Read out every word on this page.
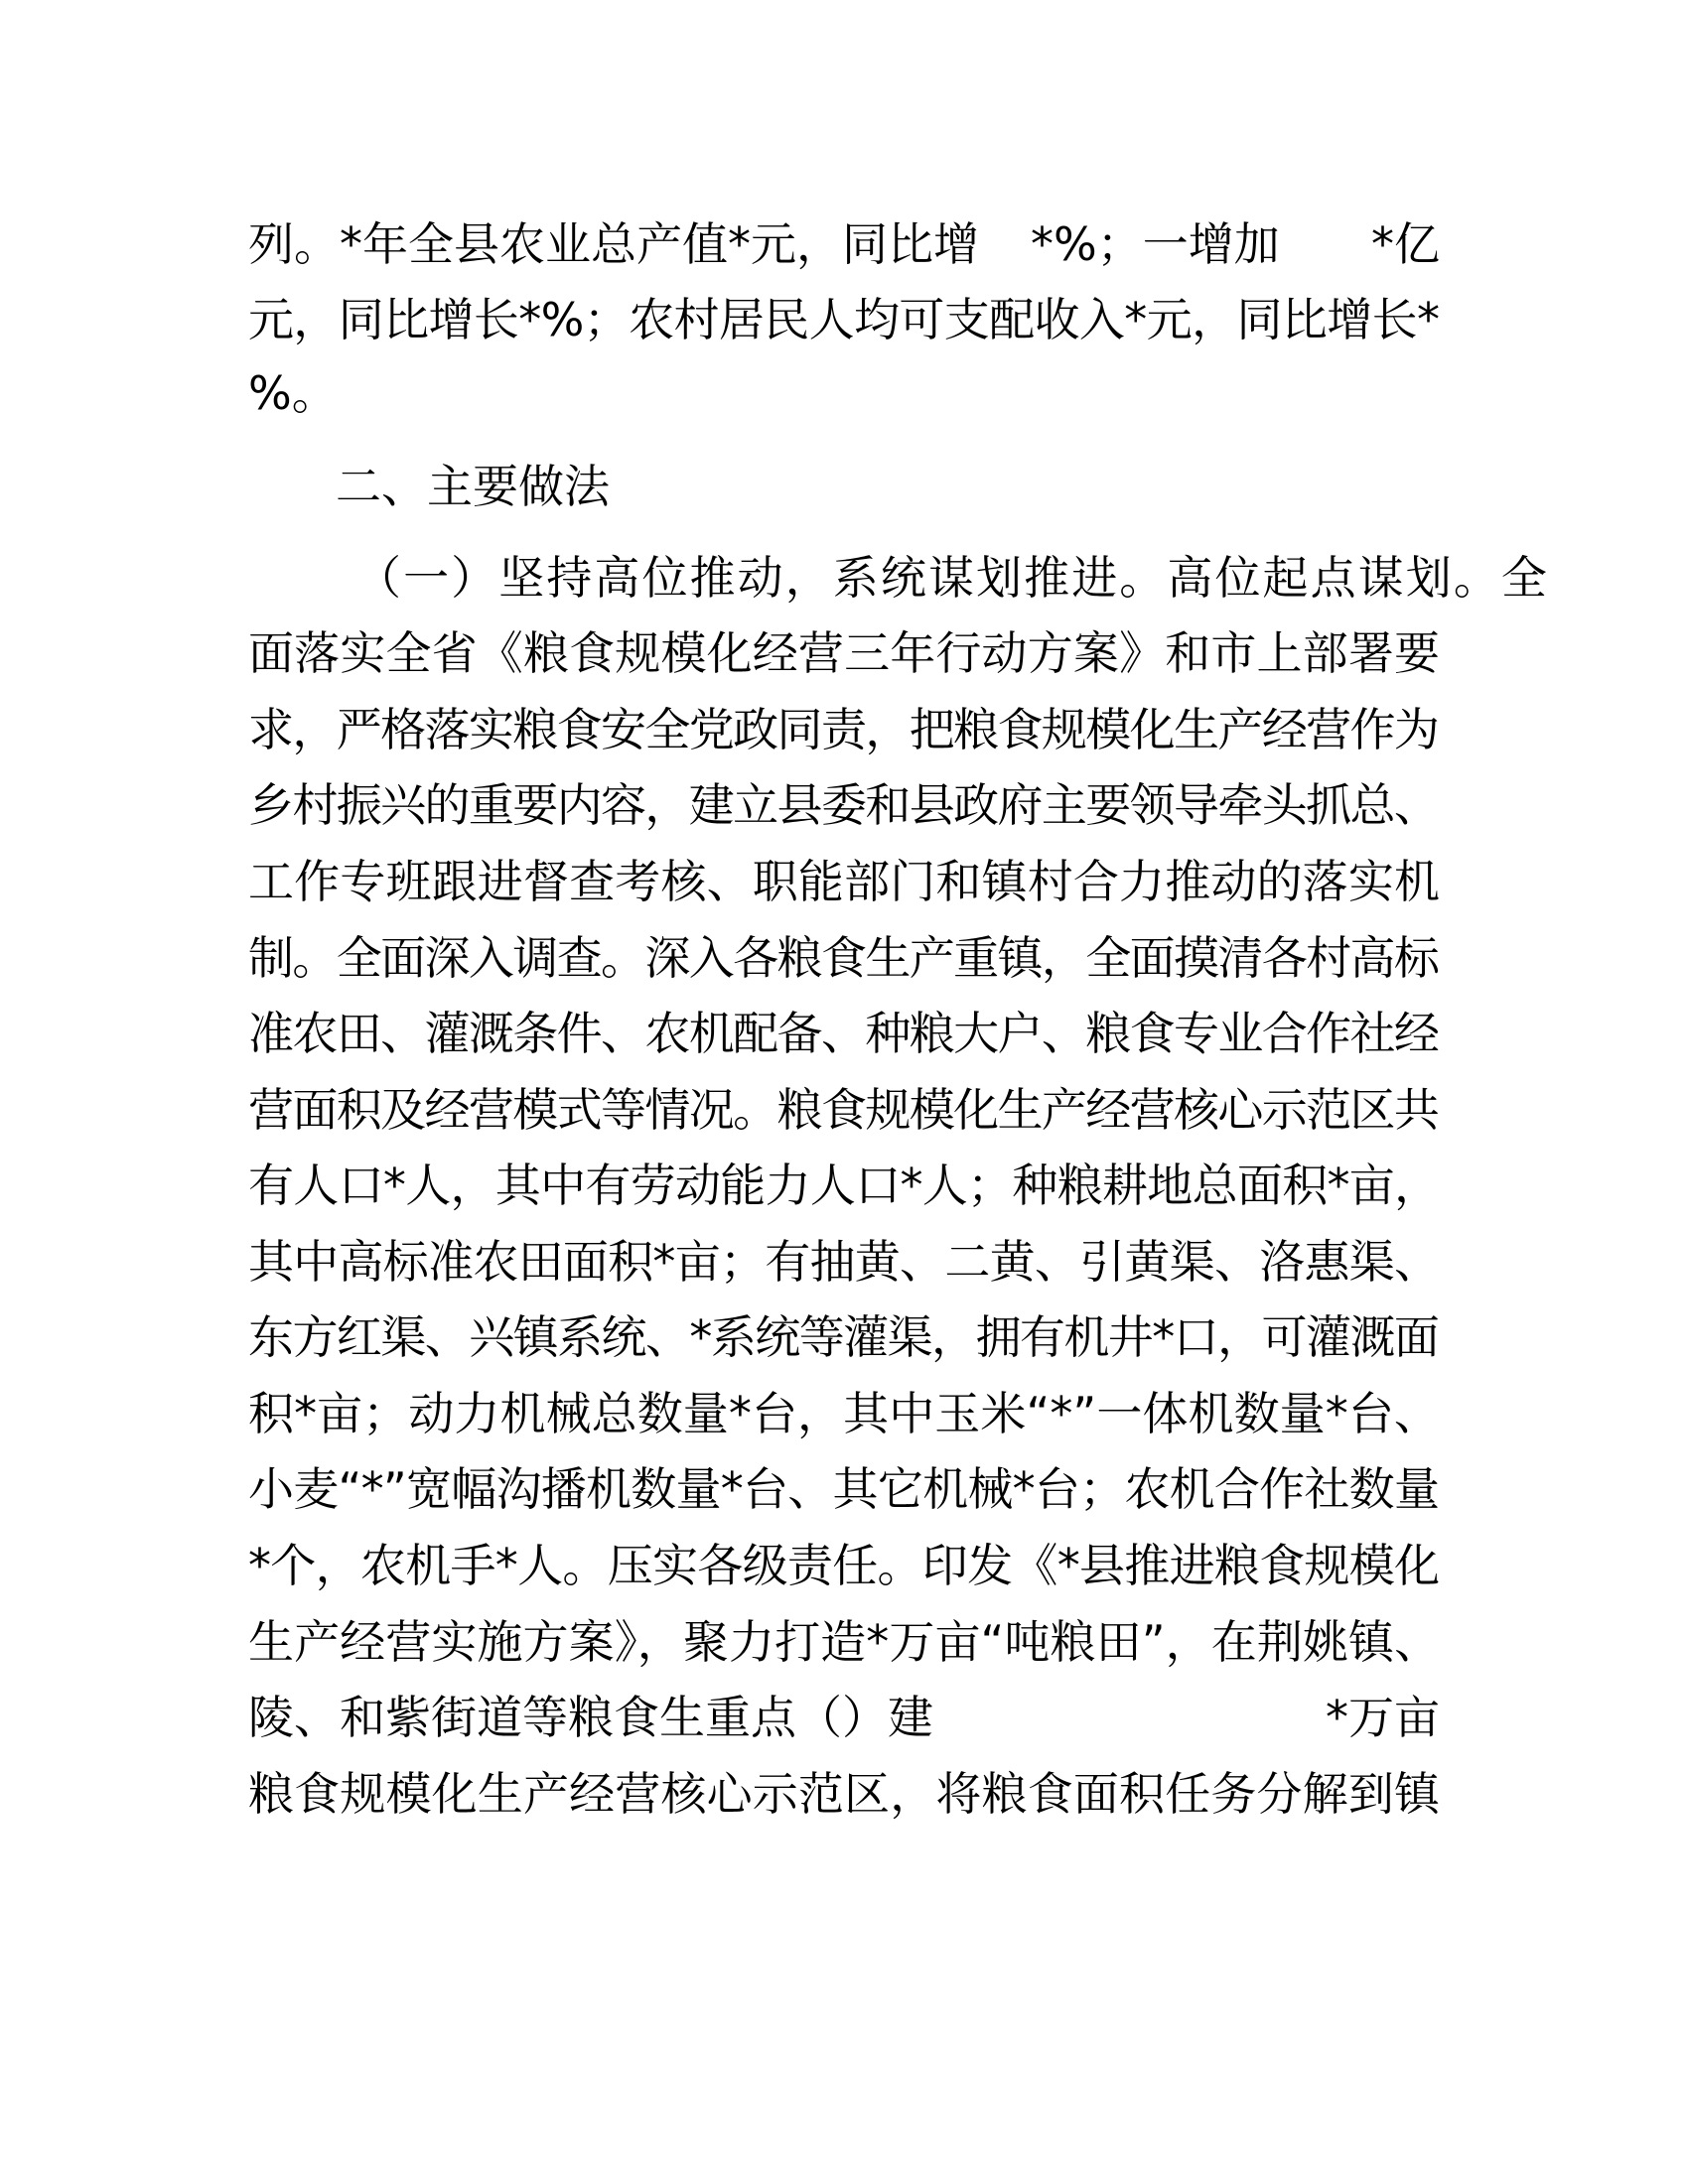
列。*年全县农业总产值*元，同比增 *%；一增加 *亿
元，同比增长*%；农村居民人均可支配收入*元，同比增长*
%。
二、主要做法
（一）坚持高位推动，系统谋划推进。高位起点谋划。全
面落实全省《粮食规模化经营三年行动方案》和市上部署要
求，严格落实粮食安全党政同责，把粮食规模化生产经营作为
乡村振兴的重要内容，建立县委和县政府主要领导牵头抓总、
工作专班跟进督查考核、职能部门和镇村合力推动的落实机
制。全面深入调查。深入各粮食生产重镇，全面摸清各村高标
准农田、灌溉条件、农机配备、种粮大户、粮食专业合作社经
营面积及经营模式等情况。粮食规模化生产经营核心示范区共
有人口*人，其中有劳动能力人口*人；种粮耕地总面积*亩，
其中高标准农田面积*亩；有抽黄、二黄、引黄渠、洛惠渠、
东方红渠、兴镇系统、*系统等灌渠，拥有机井*口，可灌溉面
积*亩；动力机械总数量*台，其中玉米“*”一体机数量*台、
小麦“*”宽幅沟播机数量*台、其它机械*台；农机合作社数量
*个，农机手*人。压实各级责任。印发《*县推进粮食规模化
生产经营实施方案》，聚力打造*万亩“吨粮田”，在荆姚镇、
陵、和紫街道等粮食生重点（）建	*万亩
粮食规模化生产经营核心示范区，将粮食面积任务分解到镇
